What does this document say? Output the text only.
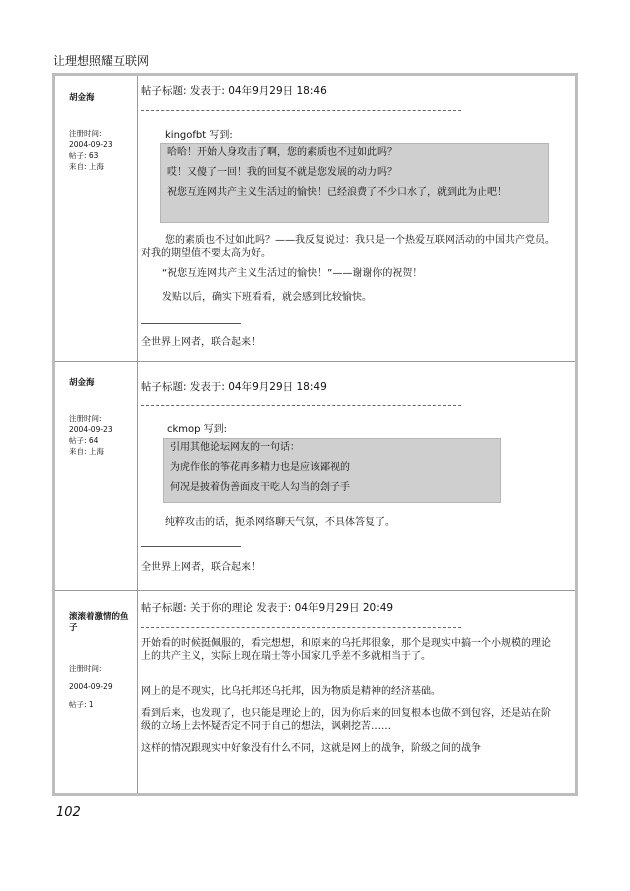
让理想照耀互联网
胡金海
注册时间:
2004-09-23
帖子: 63
来自: 上海
帖子标题: 发表于: 04年9月29日 18:46
kingofbt 写到:

哈哈！开始人身攻击了啊，您的素质也不过如此吗？

哎！又傻了一回！我的回复不就是您发展的动力吗？

祝您互连网共产主义生活过的愉快！已经浪费了不少口水了，就到此为止吧！

您的素质也不过如此吗？——我反复说过：我只是一个热爱互联网活动的中国共产党员。对我的期望值不要太高为好。
“祝您互连网共产主义生活过的愉快！”——谢谢你的祝贺！
发贴以后，确实下班看看，就会感到比较愉快。
全世界上网者，联合起来！
胡金海
注册时间:
2004-09-23
帖子: 64
来自: 上海
帖子标题: 发表于: 04年9月29日 18:49
ckmop 写到:

引用其他论坛网友的一句话：

为虎作伥的筝花再多精力也是应该鄙视的

何况是披着伪善面皮干吃人勾当的刽子手

纯粹攻击的话，扼杀网络聊天气氛，不具体答复了。
全世界上网者，联合起来！
滚滚着激情的鱼子
注册时间:
2004-09-29
帖子: 1
帖子标题: 关于你的理论 发表于: 04年9月29日 20:49
开始看的时候挺佩服的，看完想想，和原来的乌托邦很象，那个是现实中搞一个小规模的理论上的共产主义，实际上现在瑞士等小国家几乎差不多就相当于了。
网上的是不现实，比乌托邦还乌托邦，因为物质是精神的经济基础。
看到后来，也发现了，也只能是理论上的，因为你后来的回复根本也做不到包容，还是站在阶级的立场上去怀疑否定不同于自己的想法，讽刺挖苦……
这样的情况跟现实中好象没有什么不同，这就是网上的战争，阶级之间的战争
102
